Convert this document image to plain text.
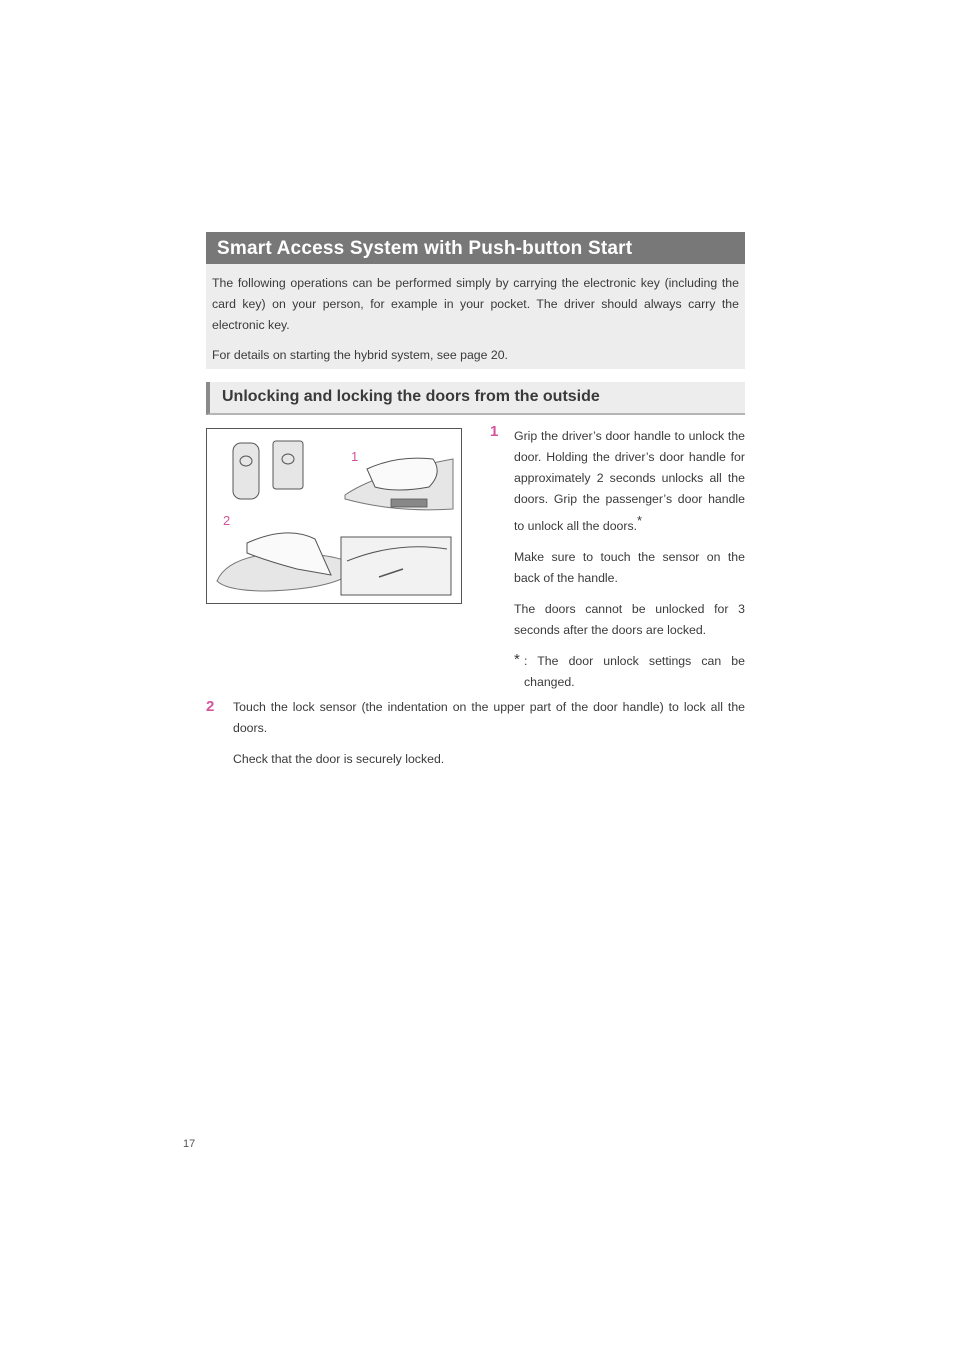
Smart Access System with Push-button Start

The following operations can be performed simply by carrying the electronic key (including the card key) on your person, for example in your pocket. The driver should always carry the electronic key.

For details on starting the hybrid system, see page 20.

Unlocking and locking the doors from the outside
1
2
1 Grip the driver’s door handle to unlock the door. Holding the driver’s door handle for approximately 2 seconds unlocks all the doors. Grip the passenger’s door handle to unlock all the doors.*

Make sure to touch the sensor on the back of the handle.

The doors cannot be unlocked for 3 seconds after the doors are locked.

* : The door unlock settings can be changed.
2 Touch the lock sensor (the indentation on the upper part of the door handle) to lock all the doors.

Check that the door is securely locked.

17
